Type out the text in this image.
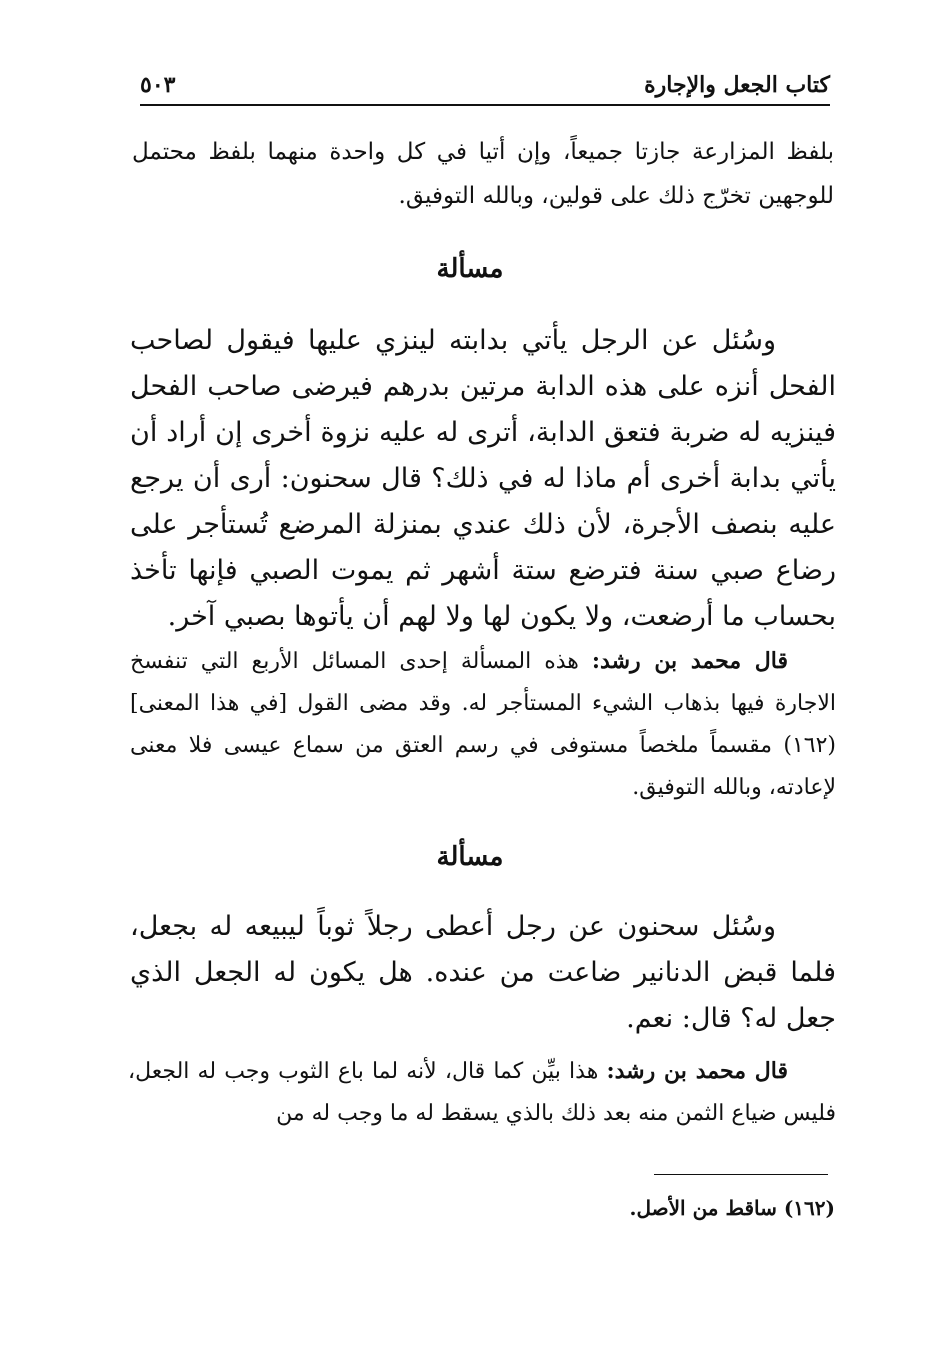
كتاب الجعل والإجارة
٥٠٣
بلفظ المزارعة جازتا جميعاً، وإن أتيا في كل واحدة منهما بلفظ محتمل للوجهين تخرّج ذلك على قولين، وبالله التوفيق.
مسألة
وسُئل عن الرجل يأتي بدابته لينزي عليها فيقول لصاحب الفحل أنزه على هذه الدابة مرتين بدرهم فيرضى صاحب الفحل فينزيه له ضربة فتعق الدابة، أترى له عليه نزوة أخرى إن أراد أن يأتي بدابة أخرى أم ماذا له في ذلك؟ قال سحنون: أرى أن يرجع عليه بنصف الأجرة، لأن ذلك عندي بمنزلة المرضع تُستأجر على رضاع صبي سنة فترضع ستة أشهر ثم يموت الصبي فإنها تأخذ بحساب ما أرضعت، ولا يكون لها ولا لهم أن يأتوها بصبي آخر.
قال محمد بن رشد: هذه المسألة إحدى المسائل الأربع التي تنفسخ الاجارة فيها بذهاب الشيء المستأجر له. وقد مضى القول [في هذا المعنى](١٦٢) مقسماً ملخصاً مستوفى في رسم العتق من سماع عيسى فلا معنى لإعادته، وبالله التوفيق.
مسألة
وسُئل سحنون عن رجل أعطى رجلاً ثوباً ليبيعه له بجعل، فلما قبض الدنانير ضاعت من عنده. هل يكون له الجعل الذي جعل له؟ قال: نعم.
قال محمد بن رشد: هذا بيِّن كما قال، لأنه لما باع الثوب وجب له الجعل، فليس ضياع الثمن منه بعد ذلك بالذي يسقط له ما وجب له من
(١٦٢) ساقط من الأصل.
